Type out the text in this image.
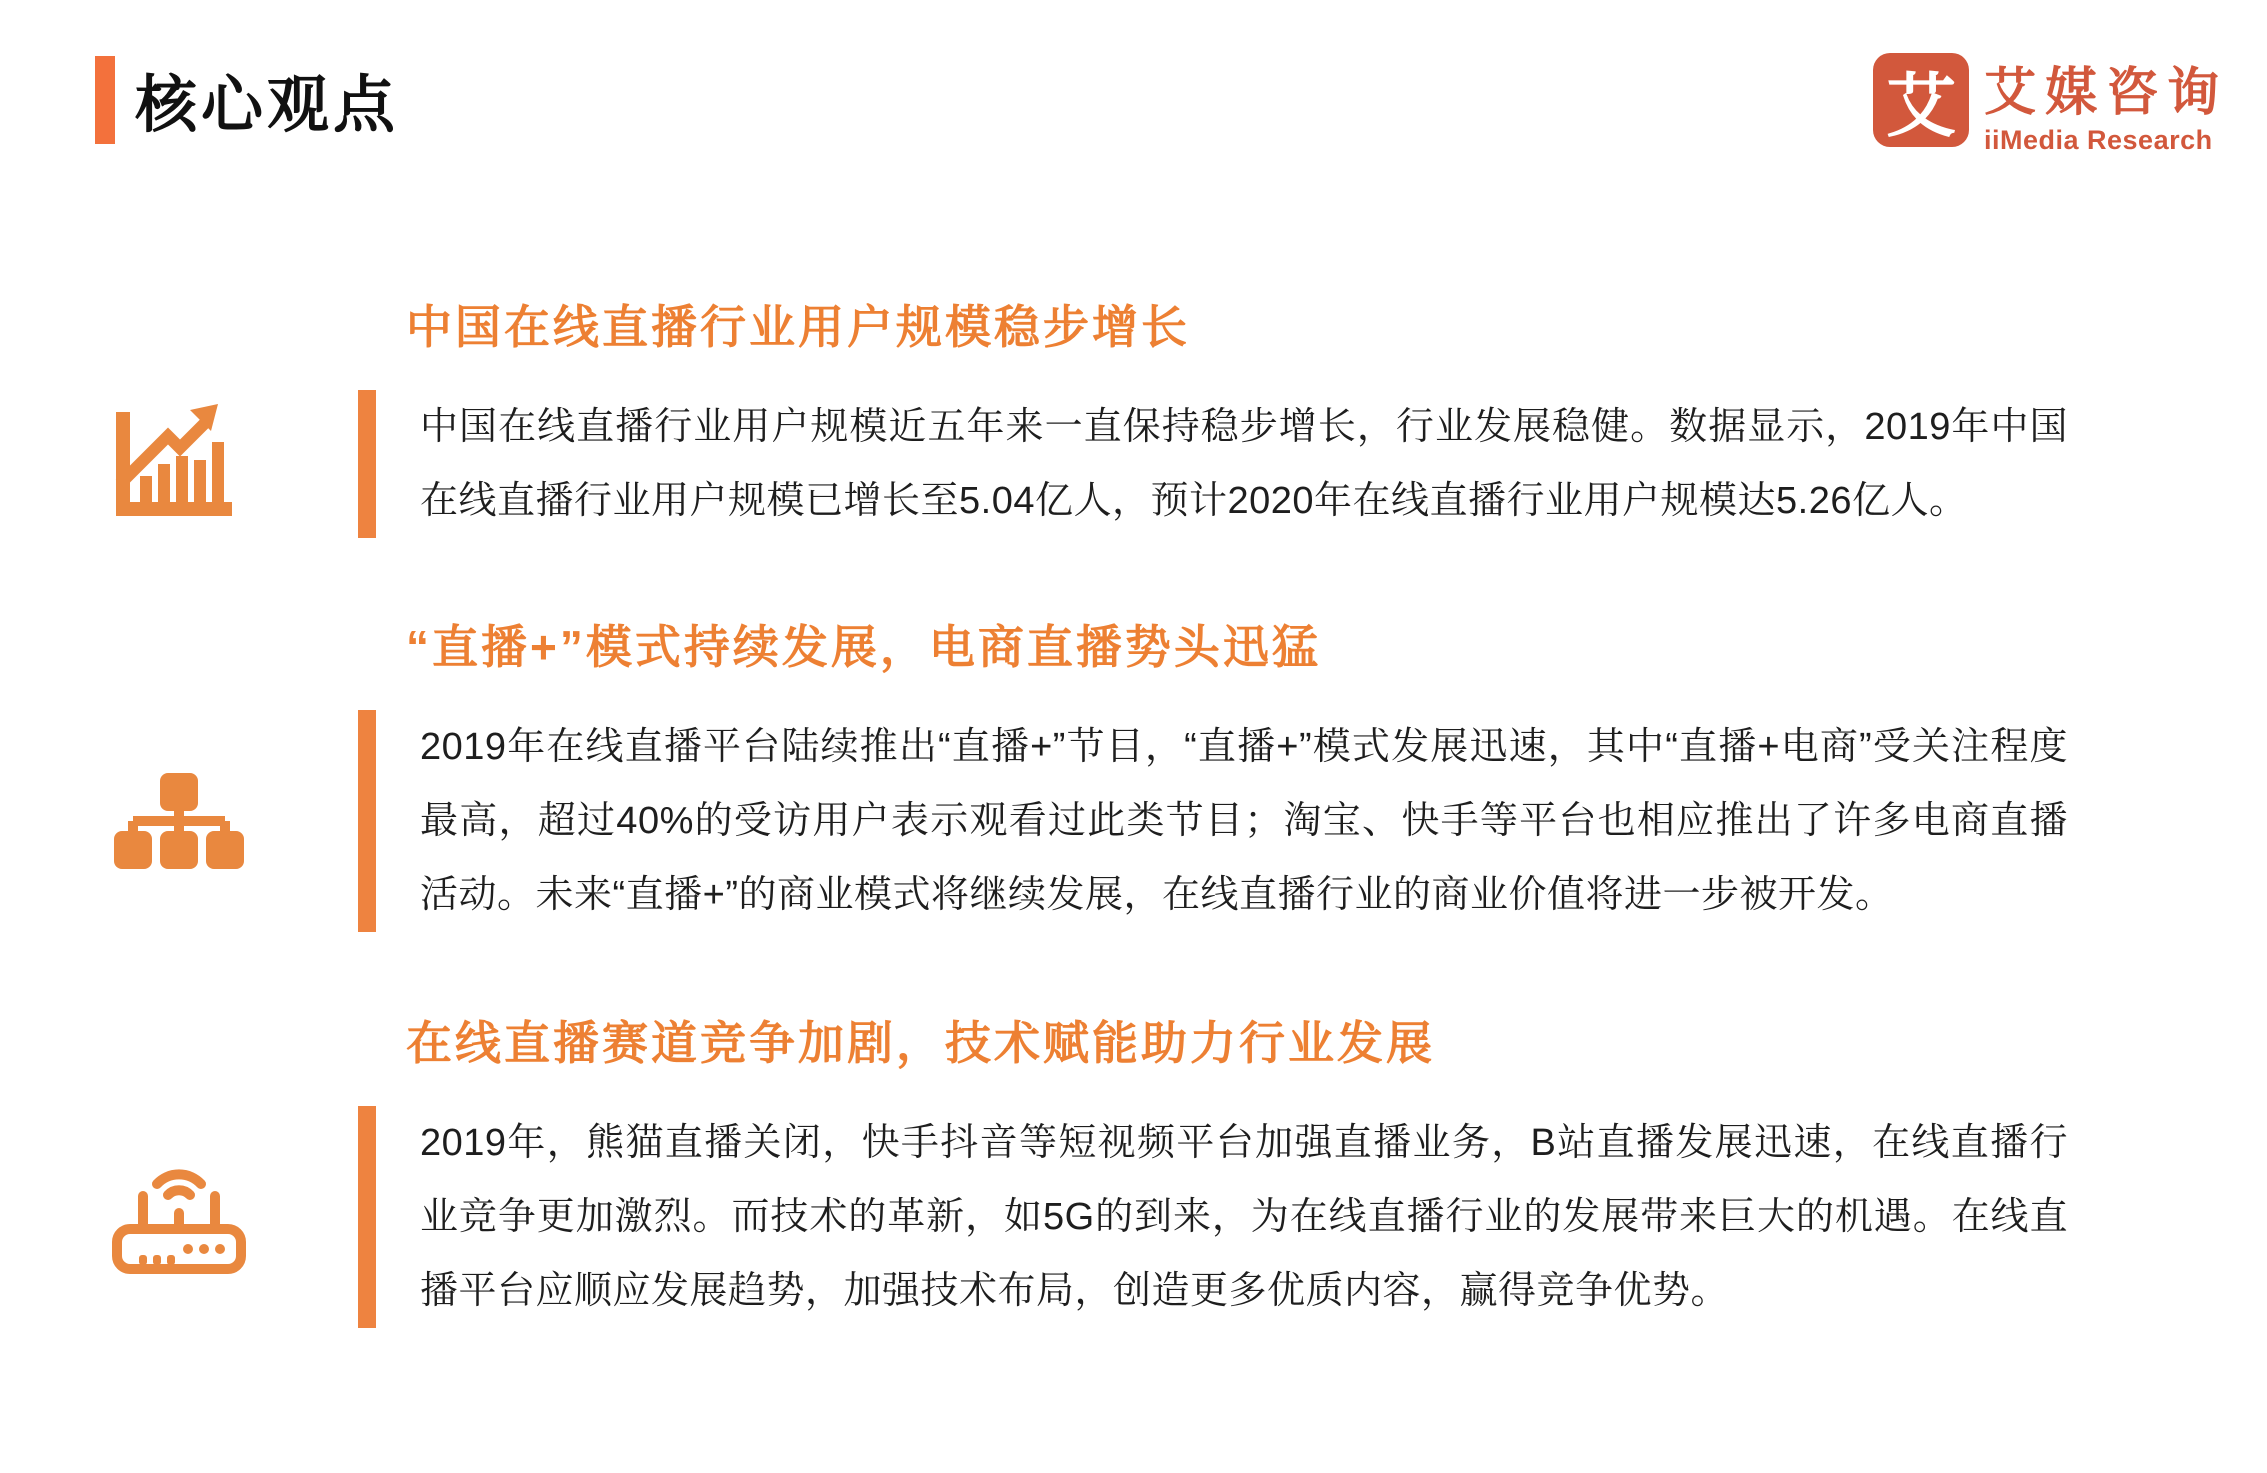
核心观点	艾 艾媒咨询
iiMedia Research
中国在线直播行业用户规模稳步增长
中国在线直播行业用户规模近五年来一直保持稳步增长，行业发展稳健。数据显示，2019年中国在线直播行业用户规模已增长至5.04亿人，预计2020年在线直播行业用户规模达5.26亿人。
“直播+”模式持续发展，电商直播势头迅猛
2019年在线直播平台陆续推出“直播+”节目，“直播+”模式发展迅速，其中“直播+电商”受关注程度最高，超过40%的受访用户表示观看过此类节目；淘宝、快手等平台也相应推出了许多电商直播活动。未来“直播+”的商业模式将继续发展，在线直播行业的商业价值将进一步被开发。
在线直播赛道竞争加剧，技术赋能助力行业发展
2019年，熊猫直播关闭，快手抖音等短视频平台加强直播业务，B站直播发展迅速，在线直播行业竞争更加激烈。而技术的革新，如5G的到来，为在线直播行业的发展带来巨大的机遇。在线直播平台应顺应发展趋势，加强技术布局，创造更多优质内容，赢得竞争优势。
